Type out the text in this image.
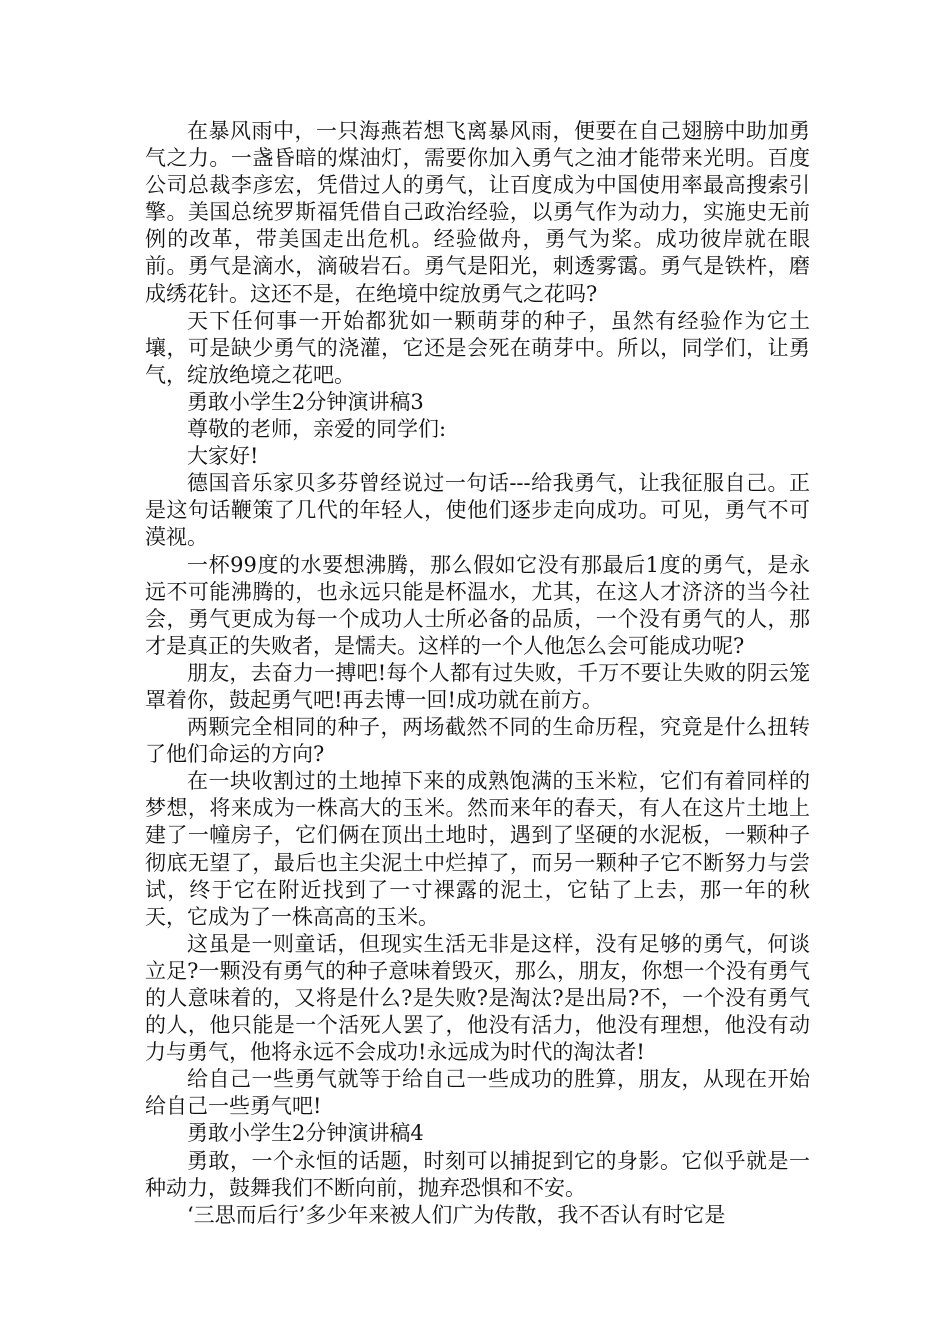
在暴风雨中，一只海燕若想飞离暴风雨，便要在自己翅膀中助加勇气之力。一盏昏暗的煤油灯，需要你加入勇气之油才能带来光明。百度公司总裁李彦宏，凭借过人的勇气，让百度成为中国使用率最高搜索引擎。美国总统罗斯福凭借自己政治经验，以勇气作为动力，实施史无前例的改革，带美国走出危机。经验做舟，勇气为桨。成功彼岸就在眼前。勇气是滴水，滴破岩石。勇气是阳光，刺透雾霭。勇气是铁杵，磨成绣花针。这还不是，在绝境中绽放勇气之花吗?

天下任何事一开始都犹如一颗萌芽的种子，虽然有经验作为它土壤，可是缺少勇气的浇灌，它还是会死在萌芽中。所以，同学们，让勇气，绽放绝境之花吧。

勇敢小学生2分钟演讲稿3

尊敬的老师，亲爱的同学们:

大家好!

德国音乐家贝多芬曾经说过一句话---给我勇气，让我征服自己。正是这句话鞭策了几代的年轻人，使他们逐步走向成功。可见，勇气不可漠视。

一杯99度的水要想沸腾，那么假如它没有那最后1度的勇气，是永远不可能沸腾的，也永远只能是杯温水，尤其，在这人才济济的当今社会，勇气更成为每一个成功人士所必备的品质，一个没有勇气的人，那才是真正的失败者，是懦夫。这样的一个人他怎么会可能成功呢?

朋友，去奋力一搏吧!每个人都有过失败，千万不要让失败的阴云笼罩着你，鼓起勇气吧!再去博一回!成功就在前方。

两颗完全相同的种子，两场截然不同的生命历程，究竟是什么扭转了他们命运的方向?

在一块收割过的土地掉下来的成熟饱满的玉米粒，它们有着同样的梦想，将来成为一株高大的玉米。然而来年的春天，有人在这片土地上建了一幢房子，它们俩在顶出土地时，遇到了坚硬的水泥板，一颗种子彻底无望了，最后也主尖泥土中烂掉了，而另一颗种子它不断努力与尝试，终于它在附近找到了一寸裸露的泥土，它钻了上去，那一年的秋天，它成为了一株高高的玉米。

这虽是一则童话，但现实生活无非是这样，没有足够的勇气，何谈立足?一颗没有勇气的种子意味着毁灭，那么，朋友，你想一个没有勇气的人意味着的，又将是什么?是失败?是淘汰?是出局?不，一个没有勇气的人，他只能是一个活死人罢了，他没有活力，他没有理想，他没有动力与勇气，他将永远不会成功!永远成为时代的淘汰者!

给自己一些勇气就等于给自己一些成功的胜算，朋友，从现在开始给自己一些勇气吧!

勇敢小学生2分钟演讲稿4

勇敢，一个永恒的话题，时刻可以捕捉到它的身影。它似乎就是一种动力，鼓舞我们不断向前，抛弃恐惧和不安。

‘三思而后行’多少年来被人们广为传散，我不否认有时它是
